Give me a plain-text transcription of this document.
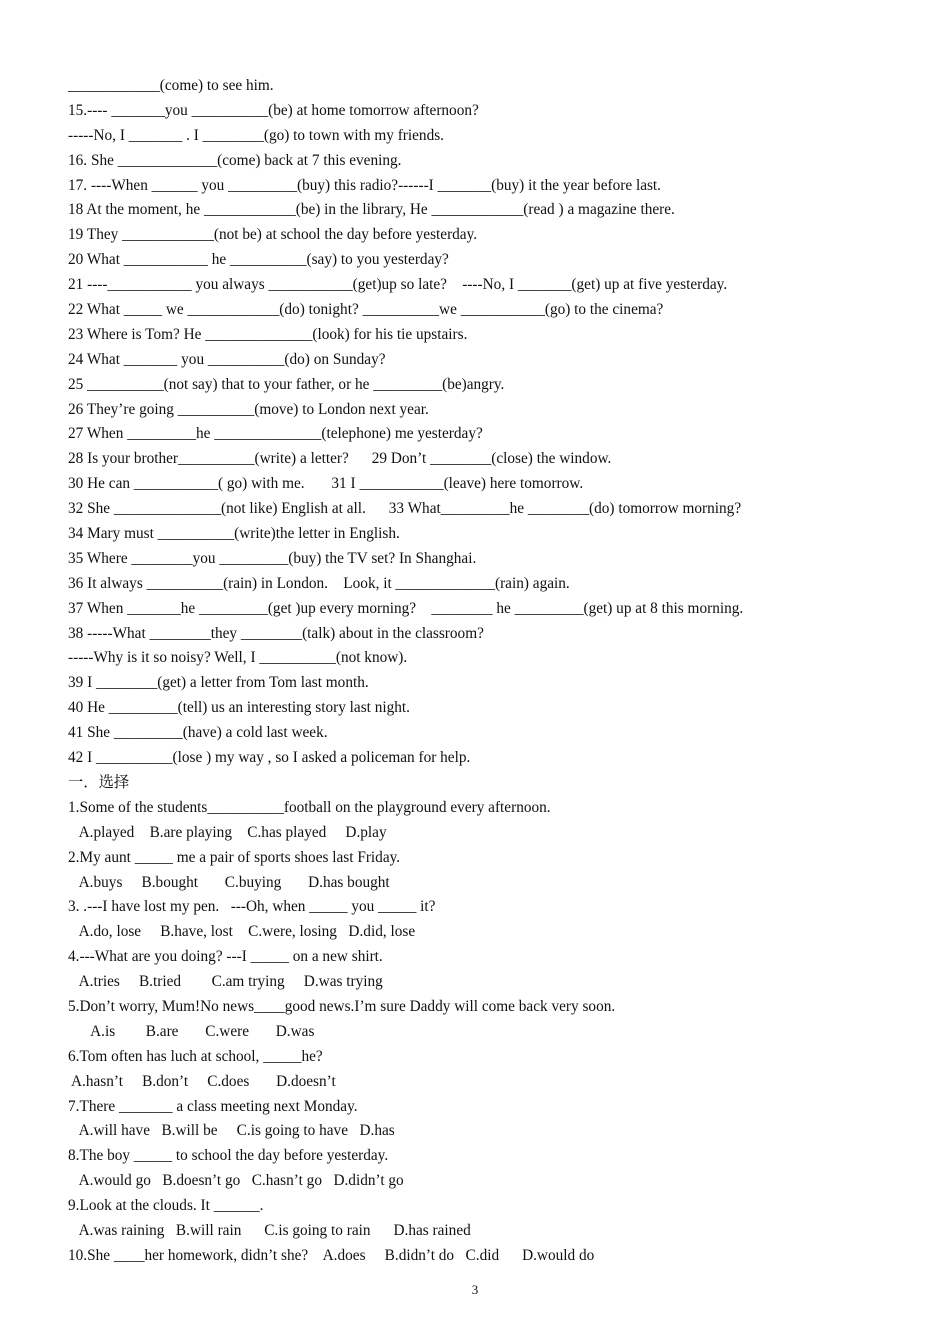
____________(come) to see him.
15.---- _______you __________(be) at home tomorrow afternoon?
-----No, I _______ . I ________(go) to town with my friends.
16. She _____________(come) back at 7 this evening.
17. ----When ______ you _________(buy) this radio?------I _______(buy) it the year before last.
18 At the moment, he ____________(be) in the library, He ____________(read ) a magazine there.
19 They ____________(not be) at school the day before yesterday.
20 What ___________ he __________(say) to you yesterday?
21 ----___________ you always ___________(get)up so late?    ----No, I _______(get) up at five yesterday.
22 What _____ we ____________(do) tonight? __________we ___________(go) to the cinema?
23 Where is Tom? He ______________(look) for his tie upstairs.
24 What _______ you __________(do) on Sunday?
25 __________(not say) that to your father, or he _________(be)angry.
26 They’re going __________(move) to London next year.
27 When _________he ______________(telephone) me yesterday?
28 Is your brother__________(write) a letter?      29 Don’t ________(close) the window.
30 He can ___________( go) with me.       31 I ___________(leave) here tomorrow.
32 She ______________(not like) English at all.      33 What_________he ________(do) tomorrow morning?
34 Mary must __________(write)the letter in English.
35 Where ________you _________(buy) the TV set? In Shanghai.
36 It always __________(rain) in London.    Look, it _____________(rain) again.
37 When _______he _________(get )up every morning?    ________ he _________(get) up at 8 this morning.
38 -----What ________they ________(talk) about in the classroom?
-----Why is it so noisy? Well, I __________(not know).
39 I ________(get) a letter from Tom last month.
40 He _________(tell) us an interesting story last night.
41 She _________(have) a cold last week.
42 I __________(lose ) my way , so I asked a policeman for help.
一．选择
1.Some of the students__________football on the playground every afternoon.
A.played    B.are playing    C.has played     D.play
2.My aunt _____ me a pair of sports shoes last Friday.
A.buys     B.bought       C.buying       D.has bought
3. .---I have lost my pen.   ---Oh, when _____ you _____ it?
A.do, lose     B.have, lost    C.were, losing   D.did, lose
4.---What are you doing? ---I _____ on a new shirt.
A.tries     B.tried        C.am trying     D.was trying
5.Don’t worry, Mum!No news____good news.I’m sure Daddy will come back very soon.
A.is        B.are       C.were       D.was
6.Tom often has luch at school, _____he?
A.hasn’t     B.don’t     C.does       D.doesn’t
7.There _______ a class meeting next Monday.
A.will have   B.will be     C.is going to have   D.has
8.The boy _____ to school the day before yesterday.
A.would go   B.doesn’t go   C.hasn’t go   D.didn’t go
9.Look at the clouds. It ______.
A.was raining   B.will rain      C.is going to rain      D.has rained
10.She ____her homework, didn’t she?    A.does     B.didn’t do   C.did      D.would do
3
